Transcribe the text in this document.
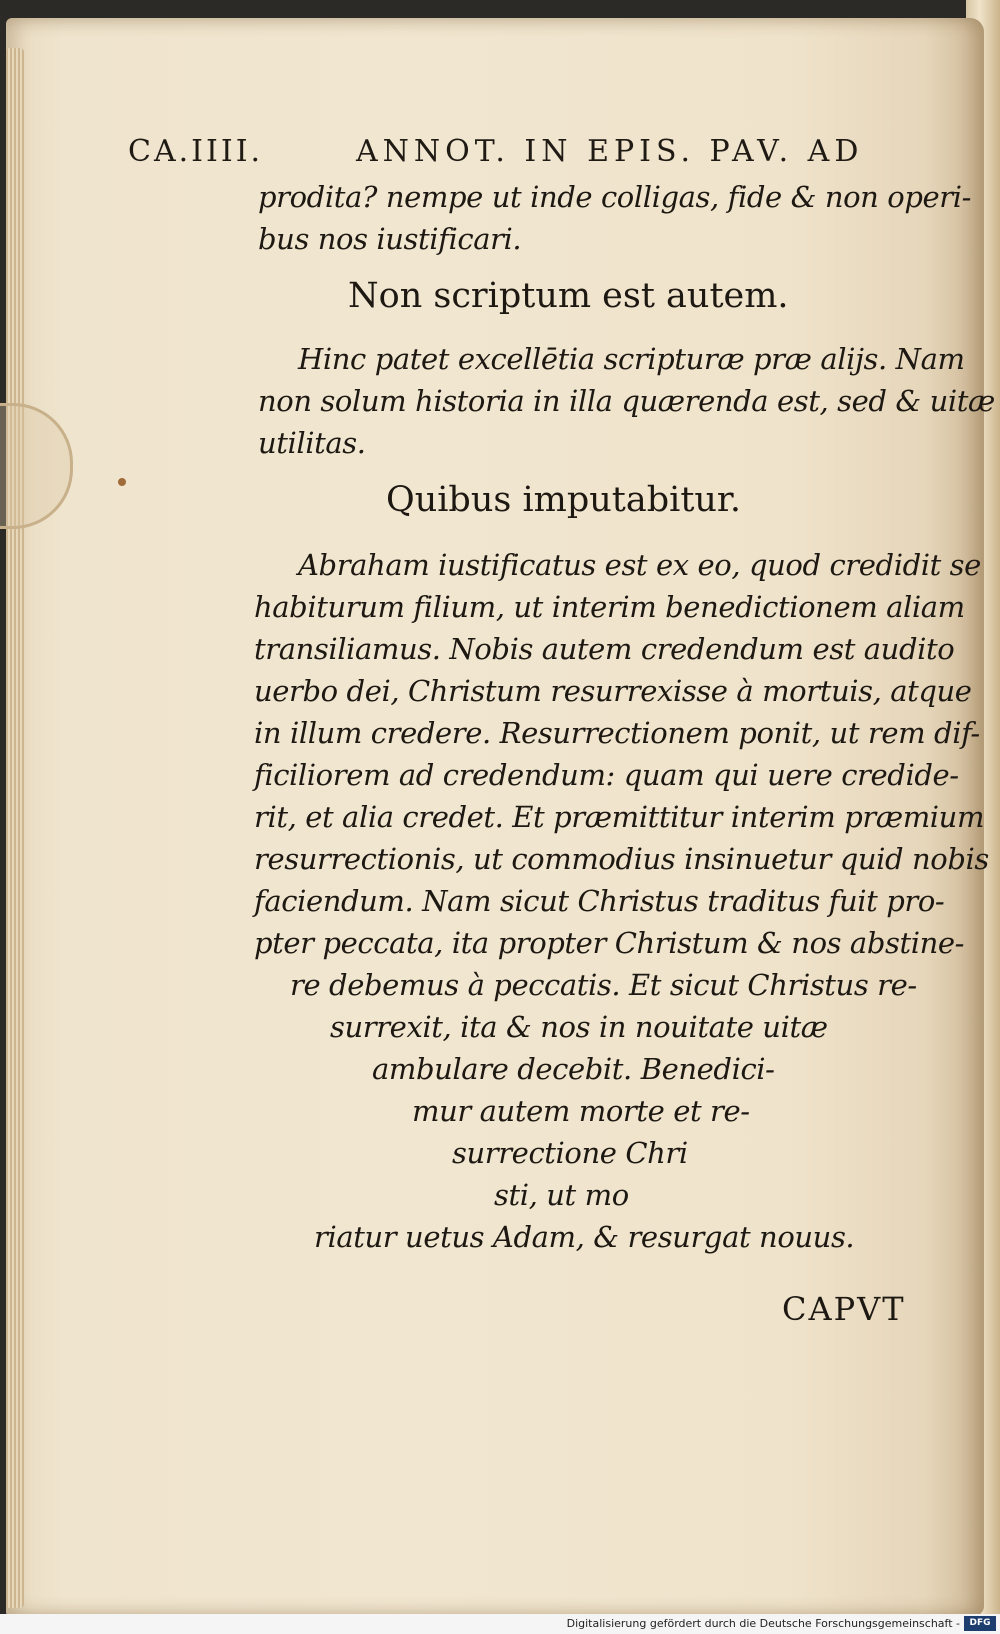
CA.IIII.	ANNOT. IN EPIS. PAV. AD
prodita? nempe ut inde colligas, fide & non operi-
bus nos iustificari.
Non scriptum est autem.
Hinc patet excellētia scripturæ præ alijs. Nam
non solum historia in illa quærenda est, sed & uitæ
utilitas.
Quibus imputabitur.
Abraham iustificatus est ex eo, quod credidit se
habiturum filium, ut interim benedictionem aliam
transiliamus. Nobis autem credendum est audito
uerbo dei, Christum resurrexisse à mortuis, atque
in illum credere. Resurrectionem ponit, ut rem dif-
ficiliorem ad credendum: quam qui uere credide-
rit, et alia credet. Et præmittitur interim præmium
resurrectionis, ut commodius insinuetur quid nobis
faciendum. Nam sicut Christus traditus fuit pro-
pter peccata, ita propter Christum & nos abstine-
re debemus à peccatis. Et sicut Christus re-
surrexit, ita & nos in nouitate uitæ
ambulare decebit. Benedici-
mur autem morte et re-
surrectione Chri
sti, ut mo
riatur uetus Adam, & resurgat nouus.
CAPVT
Digitalisierung gefördert durch die Deutsche Forschungsgemeinschaft -	DFG
